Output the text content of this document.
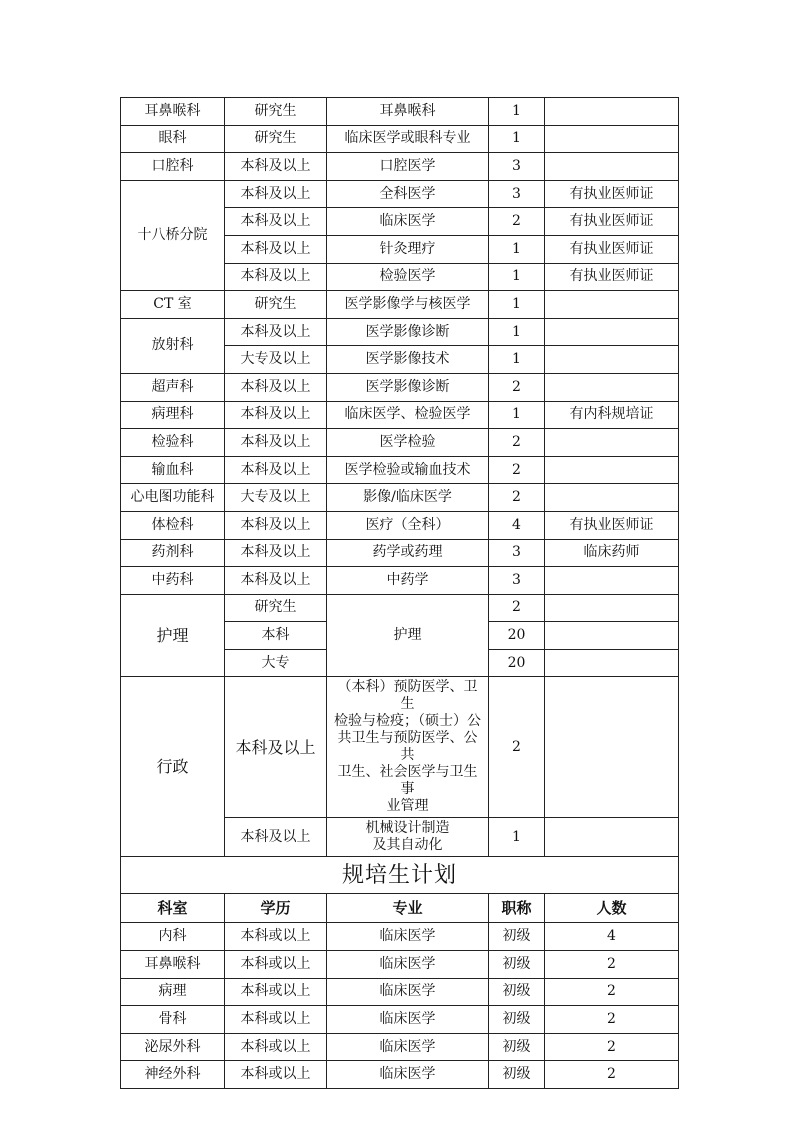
耳鼻喉科	研究生	耳鼻喉科	1	
眼科	研究生	临床医学或眼科专业	1	
口腔科	本科及以上	口腔医学	3	
十八桥分院	本科及以上	全科医学	3	有执业医师证
	本科及以上	临床医学	2	有执业医师证
	本科及以上	针灸理疗	1	有执业医师证
	本科及以上	检验医学	1	有执业医师证
CT 室	研究生	医学影像学与核医学	1	
放射科	本科及以上	医学影像诊断	1	
	大专及以上	医学影像技术	1	
超声科	本科及以上	医学影像诊断	2	
病理科	本科及以上	临床医学、检验医学	1	有内科规培证
检验科	本科及以上	医学检验	2	
输血科	本科及以上	医学检验或输血技术	2	
心电图功能科	大专及以上	影像/临床医学	2	
体检科	本科及以上	医疗（全科）	4	有执业医师证
药剂科	本科及以上	药学或药理	3	临床药师
中药科	本科及以上	中药学	3	
护理	研究生	护理	2	
	本科		20	
	大专		20	
行政	本科及以上	（本科）预防医学、卫生
检验与检疫；（硕士）公
共卫生与预防医学、公共
卫生、社会医学与卫生事
业管理	2	
	本科及以上	机械设计制造
及其自动化	1	
规培生计划				
科室	学历	专业	职称	人数
内科	本科或以上	临床医学	初级	4
耳鼻喉科	本科或以上	临床医学	初级	2
病理	本科或以上	临床医学	初级	2
骨科	本科或以上	临床医学	初级	2
泌尿外科	本科或以上	临床医学	初级	2
神经外科	本科或以上	临床医学	初级	2
